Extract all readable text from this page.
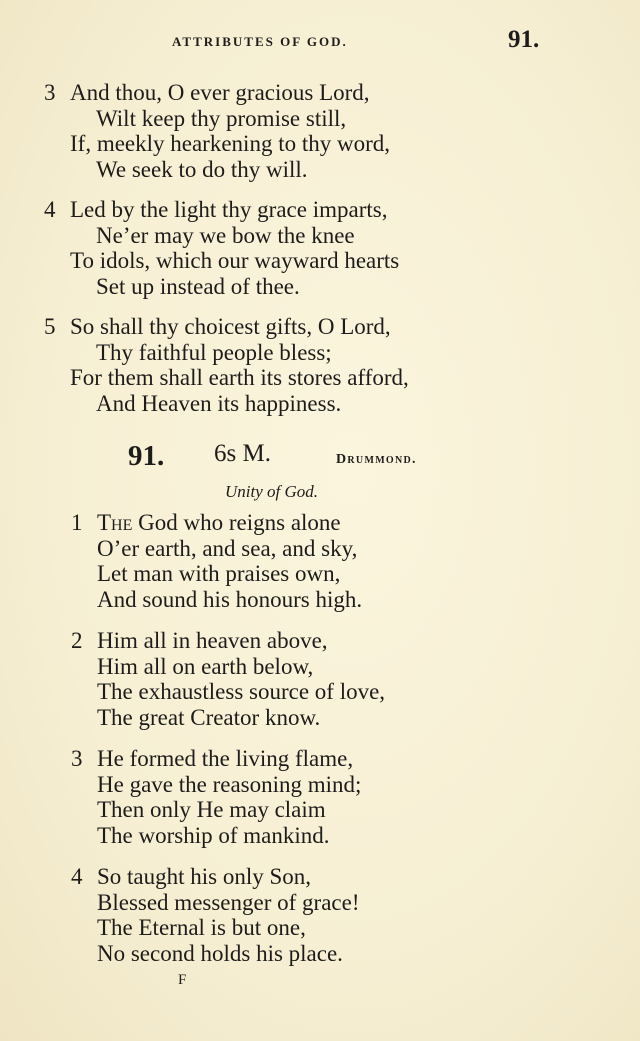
ATTRIBUTES OF GOD.	91.
3 And thou, O ever gracious Lord,
Wilt keep thy promise still,
If, meekly hearkening to thy word,
We seek to do thy will.
4 Led by the light thy grace imparts,
Ne’er may we bow the knee
To idols, which our wayward hearts
Set up instead of thee.
5 So shall thy choicest gifts, O Lord,
Thy faithful people bless;
For them shall earth its stores afford,
And Heaven its happiness.
91. 6s M.	Drummond.
Unity of God.
1 The God who reigns alone
O’er earth, and sea, and sky,
Let man with praises own,
And sound his honours high.
2 Him all in heaven above,
Him all on earth below,
The exhaustless source of love,
The great Creator know.
3 He formed the living flame,
He gave the reasoning mind;
Then only He may claim
The worship of mankind.
4 So taught his only Son,
Blessed messenger of grace!
The Eternal is but one,
No second holds his place.
F
